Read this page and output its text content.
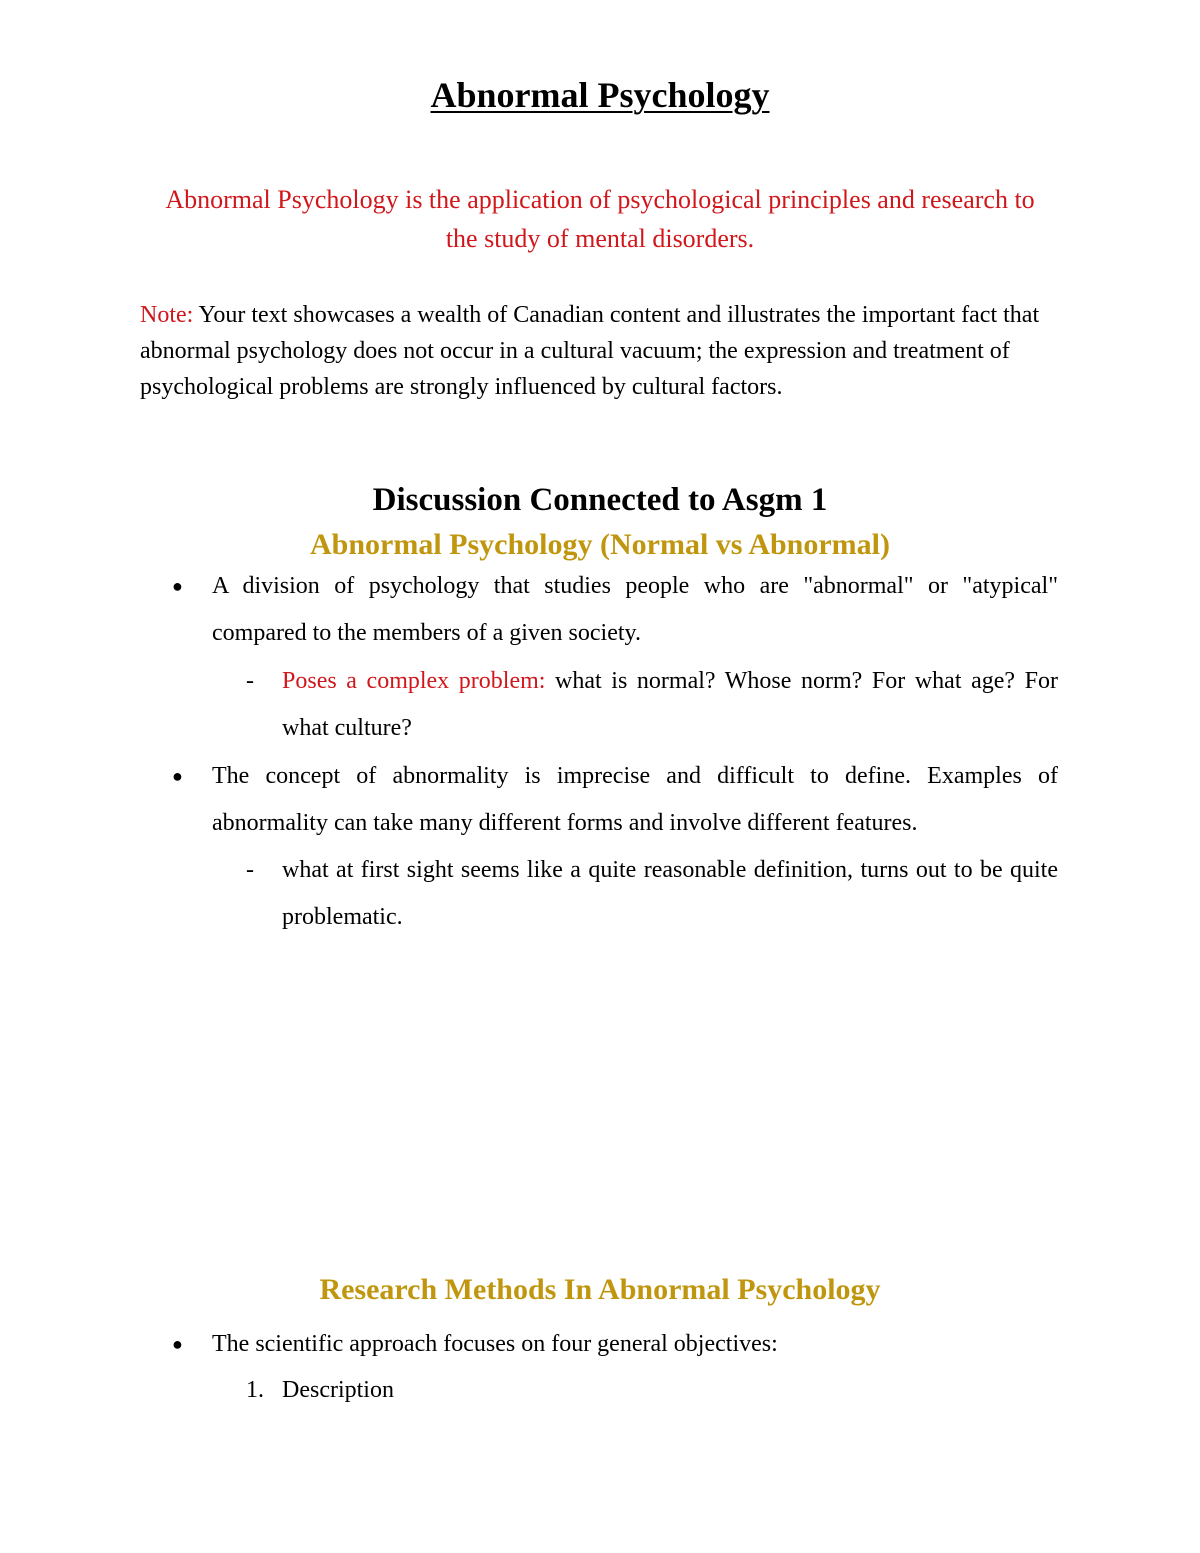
Abnormal Psychology

Abnormal Psychology is the application of psychological principles and research to the study of mental disorders.

Note: Your text showcases a wealth of Canadian content and illustrates the important fact that abnormal psychology does not occur in a cultural vacuum; the expression and treatment of psychological problems are strongly influenced by cultural factors.

Discussion Connected to Asgm 1
Abnormal Psychology (Normal vs Abnormal)
● A division of psychology that studies people who are "abnormal" or "atypical" compared to the members of a given society.

- Poses a complex problem: what is normal? Whose norm? For what age? For what culture?

● The concept of abnormality is imprecise and difficult to define. Examples of abnormality can take many different forms and involve different features.

- what at first sight seems like a quite reasonable definition, turns out to be quite problematic.

Research Methods In Abnormal Psychology
● The scientific approach focuses on four general objectives:

1. Description
